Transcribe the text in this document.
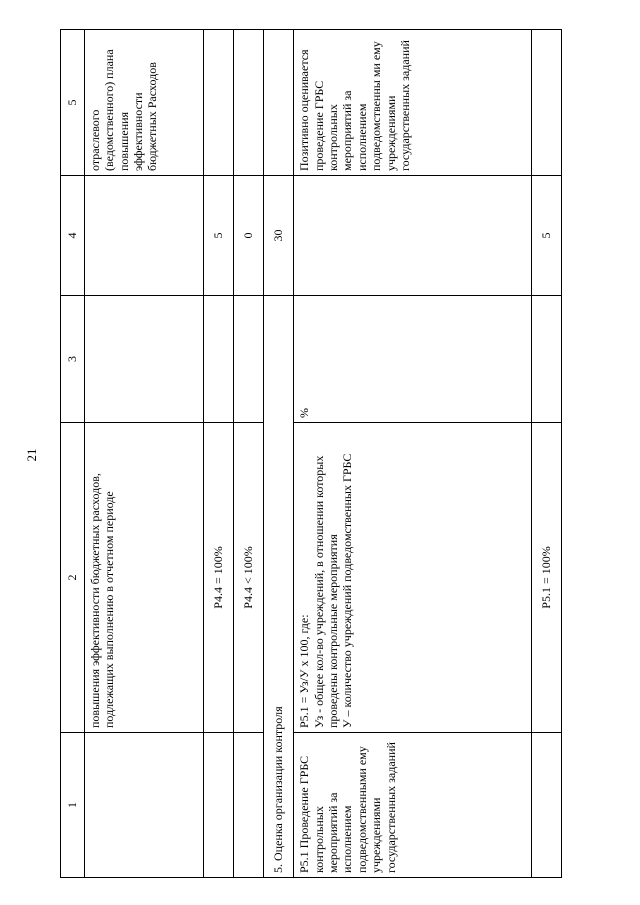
21
1	2	3	4	5
	повышения эффективности бюджетных расходов, подлежащих выполнению в отчетном периоде			отраслевого (ведомственного) плана повышения эффективности бюджетных Расходов
	P4.4 = 100%		5	
	P4.4 < 100%		0	
5. Оценка организации контроля			30	
P5.1 Проведение ГРБС контрольных мероприятий за исполнением подведомственными ему учреждениями государственных заданий	P5.1 = Уз/У x 100, где: Уз - общее кол-во учреждений, в отношении которых проведены контрольные мероприятия У – количество учреждений подведомственных ГРБС	%		Позитивно оценивается проведение ГРБС контрольных мероприятий за исполнением подведомственны ми ему учреждениями государственных заданий
	P5.1 = 100%		5	
